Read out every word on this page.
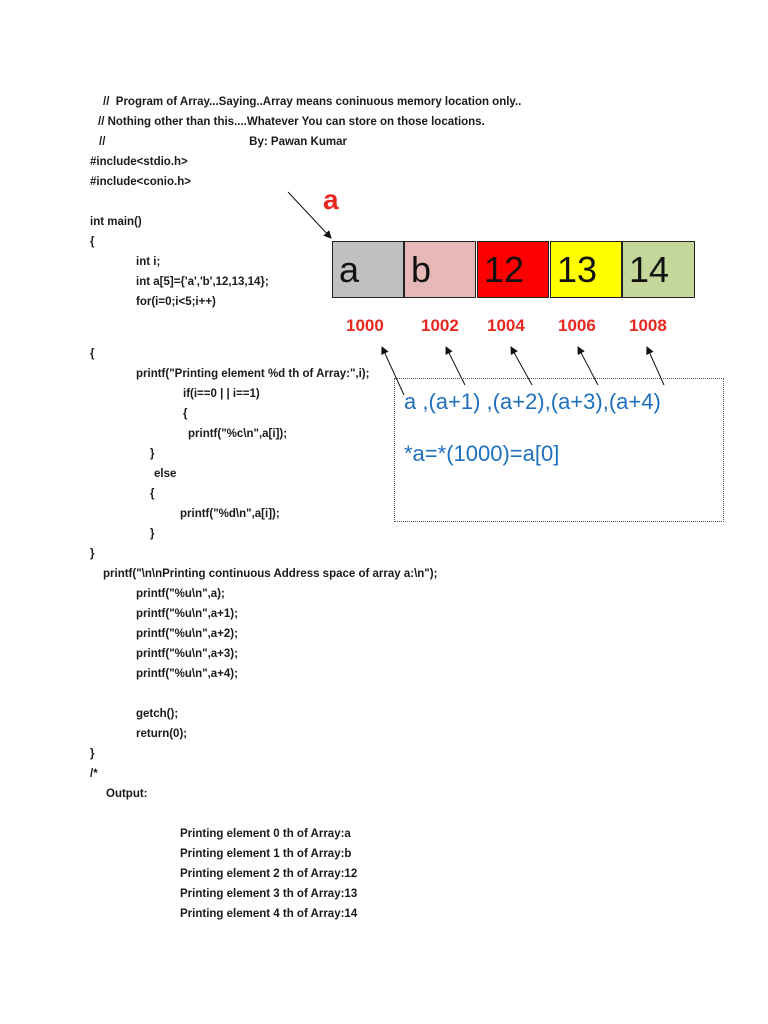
//  Program of Array...Saying..Array means coninuous memory location only..
// Nothing other than this....Whatever You can store on those locations.
//                                             By: Pawan Kumar
#include<stdio.h>
#include<conio.h>
int main()
{
int i;
int a[5]={'a','b',12,13,14};
for(i=0;i<5;i++)
{
printf("Printing element %d th of Array:",i);
if(i==0 | | i==1)
{
printf("%c\n",a[i]);
}
else
{
printf("%d\n",a[i]);
}
}
printf("\n\nPrinting continuous Address space of array a:\n");
printf("%u\n",a);
printf("%u\n",a+1);
printf("%u\n",a+2);
printf("%u\n",a+3);
printf("%u\n",a+4);
getch();
return(0);
}
/*
Output:
Printing element 0 th of Array:a
Printing element 1 th of Array:b
Printing element 2 th of Array:12
Printing element 3 th of Array:13
Printing element 4 th of Array:14
a
a	b	12 13 14
1000 1002 1004 1006 1008
a ,(a+1) ,(a+2),(a+3),(a+4)
*a=*(1000)=a[0]
